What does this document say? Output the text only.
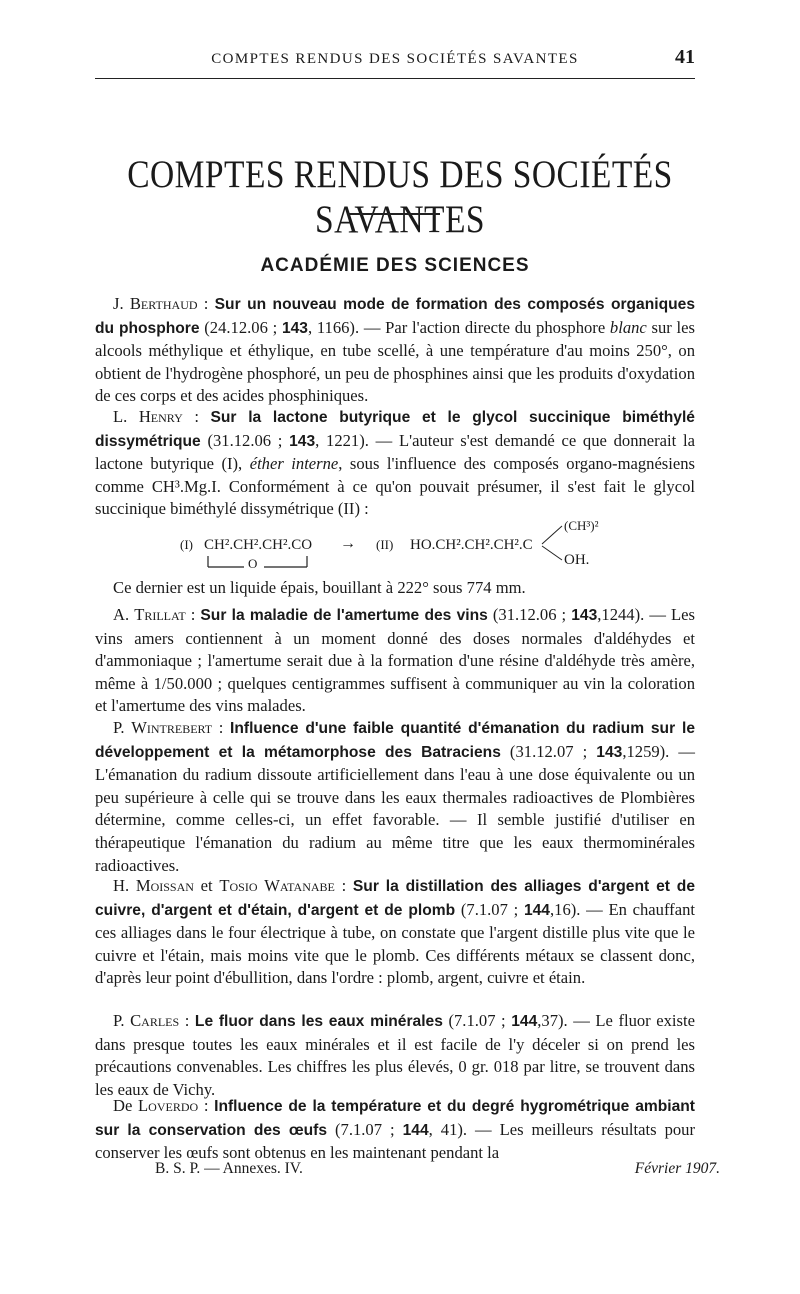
COMPTES RENDUS DES SOCIÉTÉS SAVANTES	41
COMPTES RENDUS DES SOCIÉTÉS SAVANTES
ACADÉMIE DES SCIENCES

J. Berthaud : Sur un nouveau mode de formation des composés organiques du phosphore (24.12.06 ; 143, 1166). — Par l'action directe du phosphore blanc sur les alcools méthylique et éthylique, en tube scellé, à une température d'au moins 250°, on obtient de l'hydrogène phosphoré, un peu de phosphines ainsi que les produits d'oxydation de ces corps et des acides phosphiniques.

L. Henry : Sur la lactone butyrique et le glycol succinique biméthylé dissymétrique (31.12.06 ; 143, 1221). — L'auteur s'est demandé ce que donnerait la lactone butyrique (I), éther interne, sous l'influence des composés organo-magnésiens comme CH³.Mg.I. Conformément à ce qu'on pouvait présumer, il s'est fait le glycol succinique biméthylé dissymétrique (II) :

(I) CH².CH².CH².CO
O
→ (II) HO.CH².CH².CH².C
(CH³)²
OH.

Ce dernier est un liquide épais, bouillant à 222° sous 774 mm.

A. Trillat : Sur la maladie de l'amertume des vins (31.12.06 ; 143,1244). — Les vins amers contiennent à un moment donné des doses normales d'aldéhydes et d'ammoniaque ; l'amertume serait due à la formation d'une résine d'aldéhyde très amère, même à 1/50.000 ; quelques centigrammes suffisent à communiquer au vin la coloration et l'amertume des vins malades.

P. Wintrebert : Influence d'une faible quantité d'émanation du radium sur le développement et la métamorphose des Batraciens (31.12.07 ; 143,1259). — L'émanation du radium dissoute artificiellement dans l'eau à une dose équivalente ou un peu supérieure à celle qui se trouve dans les eaux thermales radioactives de Plombières détermine, comme celles-ci, un effet favorable. — Il semble justifié d'utiliser en thérapeutique l'émanation du radium au même titre que les eaux thermominérales radioactives.

H. Moissan et Tosio Watanabe : Sur la distillation des alliages d'argent et de cuivre, d'argent et d'étain, d'argent et de plomb (7.1.07 ; 144,16). — En chauffant ces alliages dans le four électrique à tube, on constate que l'argent distille plus vite que le cuivre et l'étain, mais moins vite que le plomb. Ces différents métaux se classent donc, d'après leur point d'ébullition, dans l'ordre : plomb, argent, cuivre et étain.

P. Carles : Le fluor dans les eaux minérales (7.1.07 ; 144,37). — Le fluor existe dans presque toutes les eaux minérales et il est facile de l'y déceler si on prend les précautions convenables. Les chiffres les plus élevés, 0 gr. 018 par litre, se trouvent dans les eaux de Vichy.

De Loverdo : Influence de la température et du degré hygrométrique ambiant sur la conservation des œufs (7.1.07 ; 144, 41). — Les meilleurs résultats pour conserver les œufs sont obtenus en les maintenant pendant la

B. S. P. — Annexes. IV.	Février 1907.
